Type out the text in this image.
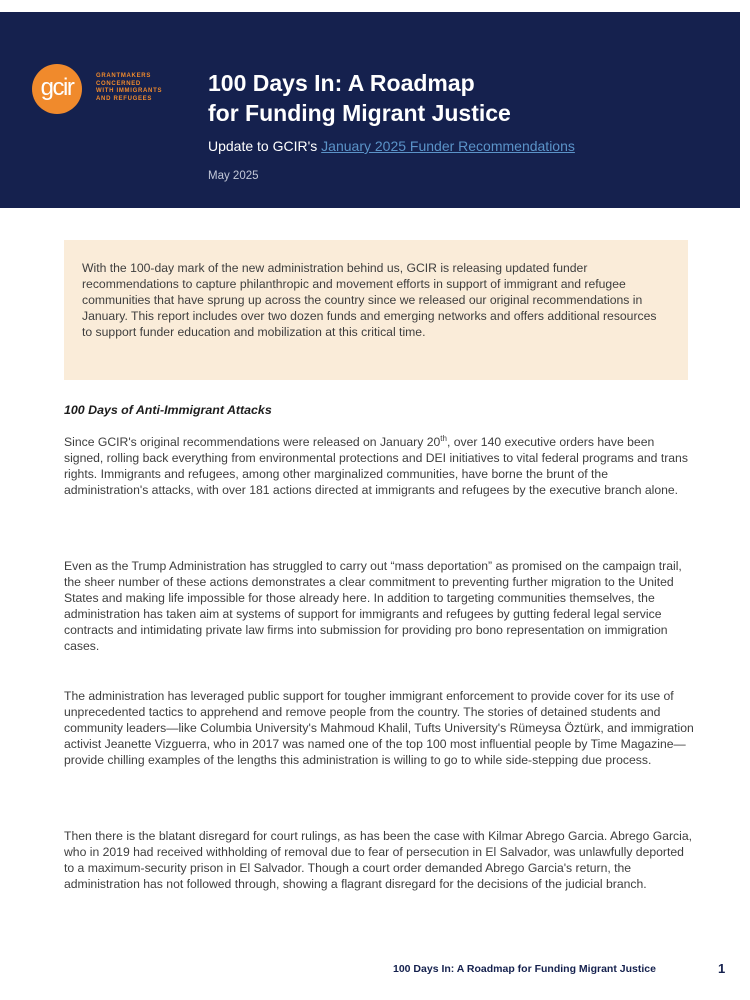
gcir	GRANTMAKERS
CONCERNED
WITH IMMIGRANTS
AND REFUGEES
100 Days In: A Roadmap
for Funding Migrant Justice
Update to GCIR's January 2025 Funder Recommendations
May 2025
With the 100-day mark of the new administration behind us, GCIR is releasing updated funder recommendations to capture philanthropic and movement efforts in support of immigrant and refugee communities that have sprung up across the country since we released our original recommendations in January. This report includes over two dozen funds and emerging networks and offers additional resources to support funder education and mobilization at this critical time.
100 Days of Anti-Immigrant Attacks

Since GCIR's original recommendations were released on January 20th, over 140 executive orders have been signed, rolling back everything from environmental protections and DEI initiatives to vital federal programs and trans rights. Immigrants and refugees, among other marginalized communities, have borne the brunt of the administration's attacks, with over 181 actions directed at immigrants and refugees by the executive branch alone.

Even as the Trump Administration has struggled to carry out “mass deportation” as promised on the campaign trail, the sheer number of these actions demonstrates a clear commitment to preventing further migration to the United States and making life impossible for those already here. In addition to targeting communities themselves, the administration has taken aim at systems of support for immigrants and refugees by gutting federal legal service contracts and intimidating private law firms into submission for providing pro bono representation on immigration cases.

The administration has leveraged public support for tougher immigrant enforcement to provide cover for its use of unprecedented tactics to apprehend and remove people from the country. The stories of detained students and community leaders—like Columbia University's Mahmoud Khalil, Tufts University's Rümeysa Öztürk, and immigration activist Jeanette Vizguerra, who in 2017 was named one of the top 100 most influential people by Time Magazine—provide chilling examples of the lengths this administration is willing to go to while side-stepping due process.

Then there is the blatant disregard for court rulings, as has been the case with Kilmar Abrego Garcia. Abrego Garcia, who in 2019 had received withholding of removal due to fear of persecution in El Salvador, was unlawfully deported to a maximum-security prison in El Salvador. Though a court order demanded Abrego Garcia's return, the administration has not followed through, showing a flagrant disregard for the decisions of the judicial branch.

100 Days In: A Roadmap for Funding Migrant Justice	1
